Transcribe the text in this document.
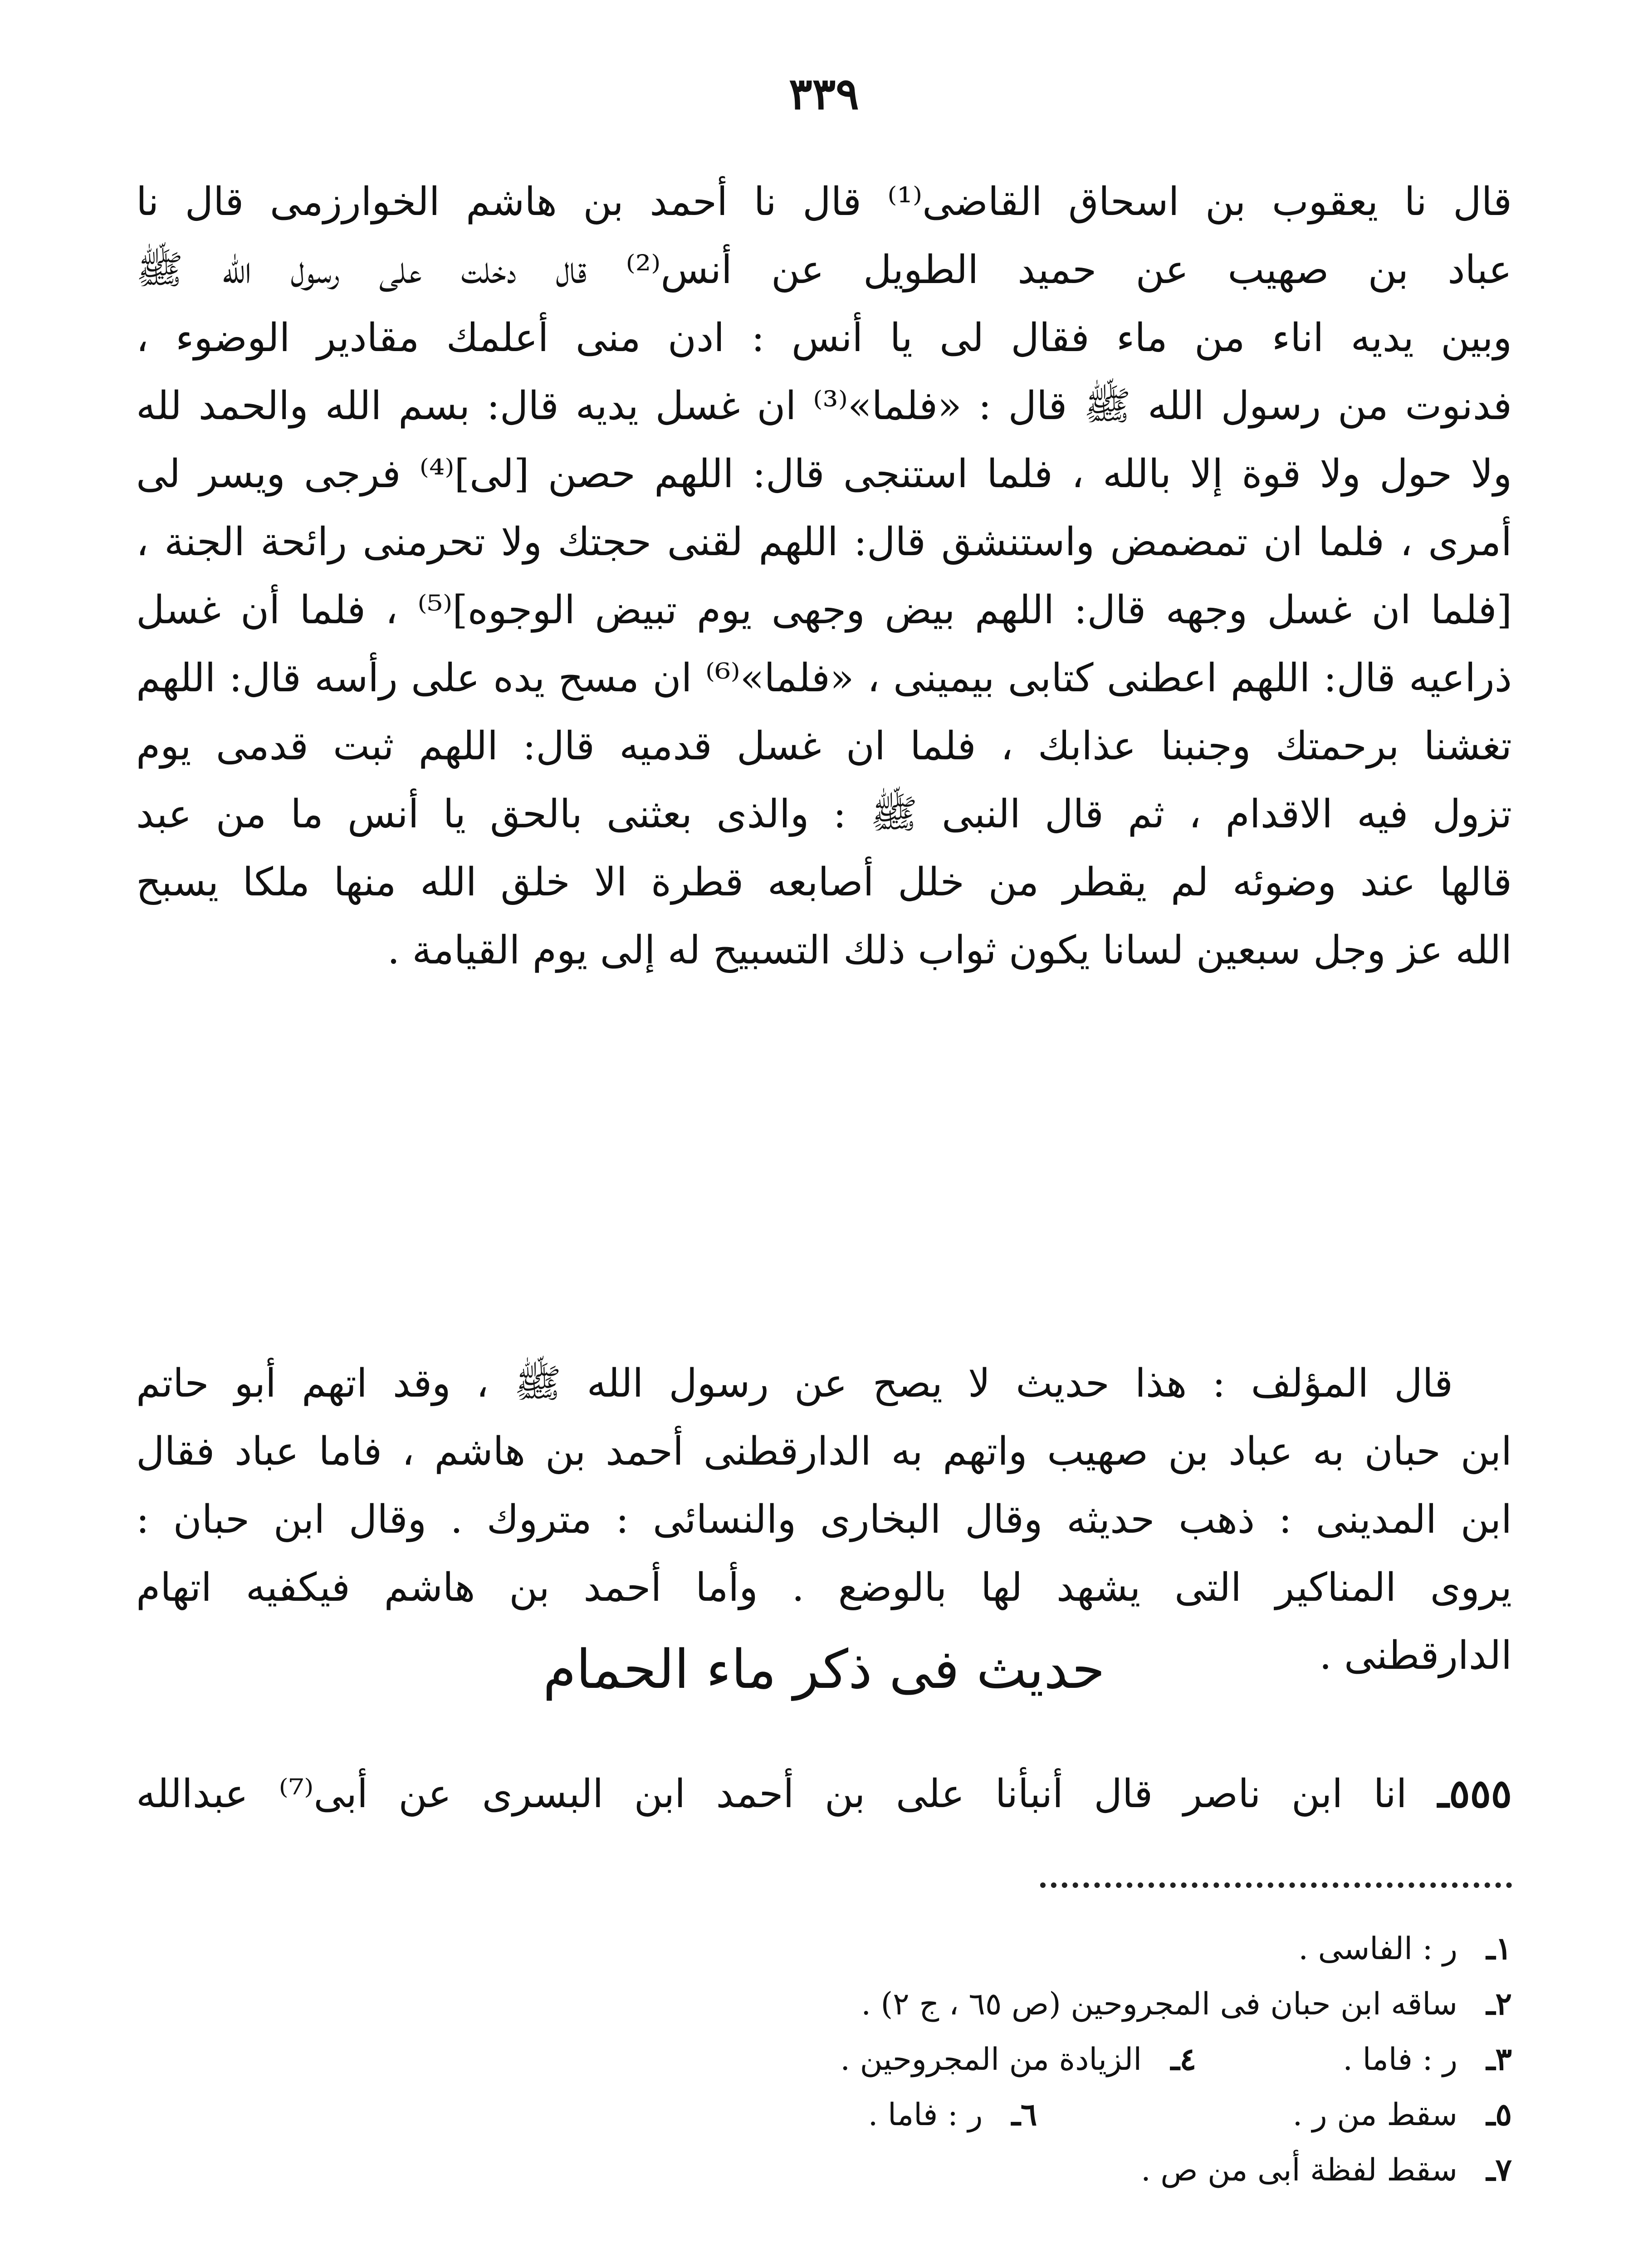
٣٣٩
قال نا يعقوب بن اسحاق القاضى⁽¹⁾ قال نا أحمد بن هاشم الخوارزمى قال نا
عباد بن صهيب عن حميد الطويل عن أنس⁽²⁾ قال دخلت على رسول الله ﷺ
وبين يديه اناء من ماء فقال لى يا أنس : ادن منى أعلمك مقادير الوضوء ،
فدنوت من رسول الله ﷺ قال : «فلما»⁽³⁾ ان غسل يديه قال: بسم الله والحمد لله
ولا حول ولا قوة إلا بالله ، فلما استنجى قال: اللهم حصن [لى]⁽⁴⁾ فرجى ويسر لى
أمرى ، فلما ان تمضمض واستنشق قال: اللهم لقنى حجتك ولا تحرمنى رائحة الجنة ،
[فلما ان غسل وجهه قال: اللهم بيض وجهى يوم تبيض الوجوه]⁽⁵⁾ ، فلما أن غسل
ذراعيه قال: اللهم اعطنى كتابى بيمينى ، «فلما»⁽⁶⁾ ان مسح يده على رأسه قال: اللهم
تغشنا برحمتك وجنبنا عذابك ، فلما ان غسل قدميه قال: اللهم ثبت قدمى يوم
تزول فيه الاقدام ، ثم قال النبى ﷺ : والذى بعثنى بالحق يا أنس ما من عبد
قالها عند وضوئه لم يقطر من خلل أصابعه قطرة الا خلق الله منها ملكا يسبح
الله عز وجل سبعين لسانا يكون ثواب ذلك التسبيح له إلى يوم القيامة .
قال المؤلف : هذا حديث لا يصح عن رسول الله ﷺ ، وقد اتهم أبو حاتم
ابن حبان به عباد بن صهيب واتهم به الدارقطنى أحمد بن هاشم ، فاما عباد فقال
ابن المدينى : ذهب حديثه وقال البخارى والنسائى : متروك . وقال ابن حبان :
يروى المناكير التى يشهد لها بالوضع . وأما أحمد بن هاشم فيكفيه اتهام
الدارقطنى .
حديث فى ذكر ماء الحمام
٥٥٥ـ انا ابن ناصر قال أنبأنا على بن أحمد ابن البسرى عن أبى⁽⁷⁾ عبدالله
١ـر : الفاسى .
٢ـساقه ابن حبان فى المجروحين (ص ٦٥ ، ج ٢) .
٣ـر : فاما .  ٤ـالزيادة من المجروحين .
٥ـسقط من ر .  ٦ـر : فاما .
٧ـسقط لفظة أبى من ص .
